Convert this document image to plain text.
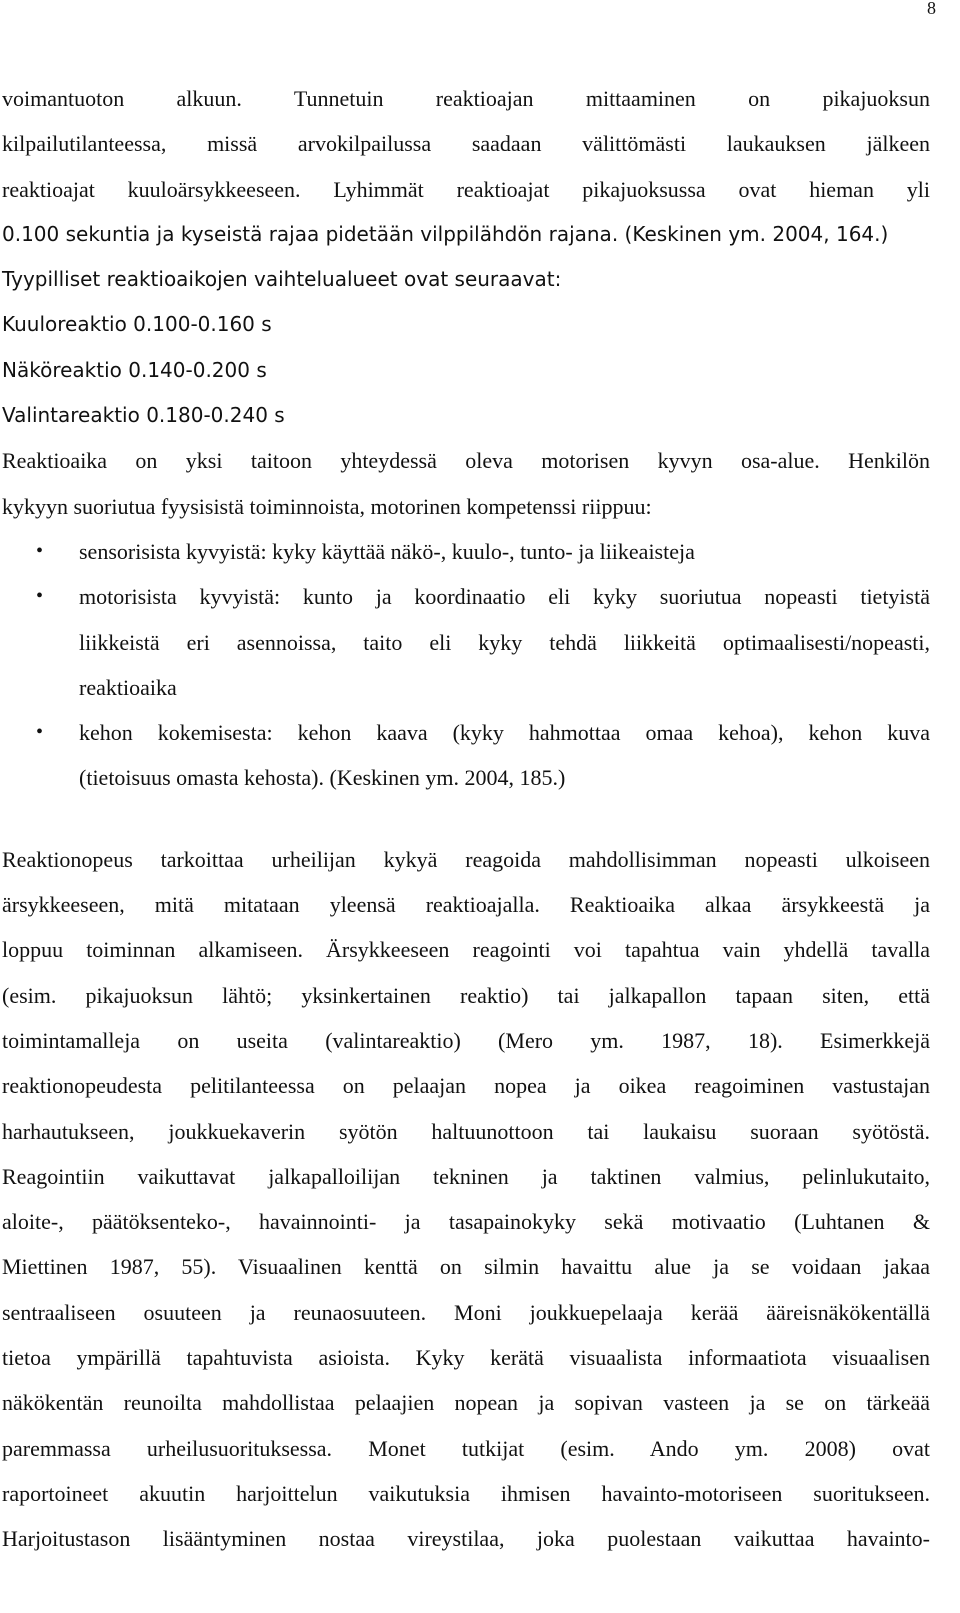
8
voimantuoton alkuun. Tunnetuin reaktioajan mittaaminen on pikajuoksun
kilpailutilanteessa, missä arvokilpailussa saadaan välittömästi laukauksen jälkeen
reaktioajat kuuloärsykkeeseen. Lyhimmät reaktioajat pikajuoksussa ovat hieman yli
0.100 sekuntia ja kyseistä rajaa pidetään vilppilähdön rajana. (Keskinen ym. 2004, 164.)
Tyypilliset reaktioaikojen vaihtelualueet ovat seuraavat:
Kuuloreaktio 0.100-0.160 s
Näköreaktio 0.140-0.200 s
Valintareaktio 0.180-0.240 s
Reaktioaika on yksi taitoon yhteydessä oleva motorisen kyvyn osa-alue. Henkilön
kykyyn suoriutua fyysisistä toiminnoista, motorinen kompetenssi riippuu:
• sensorisista kyvyistä: kyky käyttää näkö-, kuulo-, tunto- ja liikeaisteja
• motorisista kyvyistä: kunto ja koordinaatio eli kyky suoriutua nopeasti tietyistä
liikkeistä eri asennoissa, taito eli kyky tehdä liikkeitä optimaalisesti/nopeasti,
reaktioaika
• kehon kokemisesta: kehon kaava (kyky hahmottaa omaa kehoa), kehon kuva
(tietoisuus omasta kehosta). (Keskinen ym. 2004, 185.)
Reaktionopeus tarkoittaa urheilijan kykyä reagoida mahdollisimman nopeasti ulkoiseen
ärsykkeeseen, mitä mitataan yleensä reaktioajalla. Reaktioaika alkaa ärsykkeestä ja
loppuu toiminnan alkamiseen. Ärsykkeeseen reagointi voi tapahtua vain yhdellä tavalla
(esim. pikajuoksun lähtö; yksinkertainen reaktio) tai jalkapallon tapaan siten, että
toimintamalleja on useita (valintareaktio) (Mero ym. 1987, 18). Esimerkkejä
reaktionopeudesta pelitilanteessa on pelaajan nopea ja oikea reagoiminen vastustajan
harhautukseen, joukkuekaverin syötön haltuunottoon tai laukaisu suoraan syötöstä.
Reagointiin vaikuttavat jalkapalloilijan tekninen ja taktinen valmius, pelinlukutaito,
aloite-, päätöksenteko-, havainnointi- ja tasapainokyky sekä motivaatio (Luhtanen &
Miettinen 1987, 55). Visuaalinen kenttä on silmin havaittu alue ja se voidaan jakaa
sentraaliseen osuuteen ja reunaosuuteen. Moni joukkuepelaaja kerää ääreisnäkökentällä
tietoa ympärillä tapahtuvista asioista. Kyky kerätä visuaalista informaatiota visuaalisen
näkökentän reunoilta mahdollistaa pelaajien nopean ja sopivan vasteen ja se on tärkeää
paremmassa urheilusuorituksessa. Monet tutkijat (esim. Ando ym. 2008) ovat
raportoineet akuutin harjoittelun vaikutuksia ihmisen havainto-motoriseen suoritukseen.
Harjoitustason lisääntyminen nostaa vireystilaa, joka puolestaan vaikuttaa havainto-
